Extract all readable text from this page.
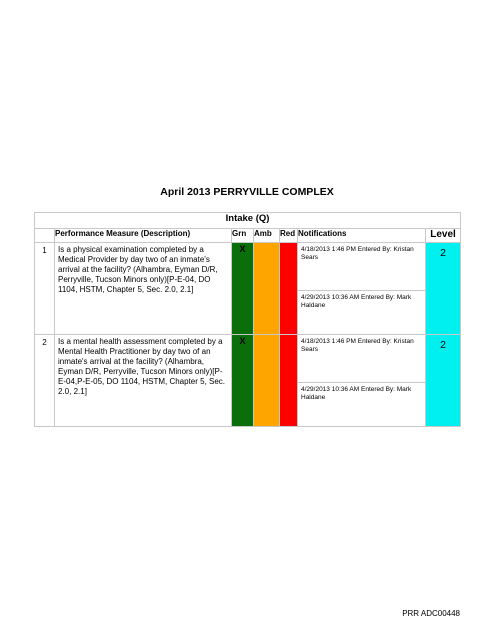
April 2013 PERRYVILLE COMPLEX
Intake (Q)						
	Performance Measure (Description)	Grn	Amb	Red	Notifications	Level
1	Is a physical examination completed by a Medical Provider by day two of an inmate's arrival at the facility? (Alhambra, Eyman D/R, Perryville, Tucson Minors only)[P-E-04, DO 1104, HSTM, Chapter 5, Sec. 2.0, 2.1]	X			4/18/2013 1:46 PM Entered By: Kristan Sears	2
					4/29/2013 10:36 AM Entered By: Mark Haldane	
2	Is a mental health assessment completed by a Mental Health Practitioner by day two of an inmate's arrival at the facility? (Alhambra, Eyman D/R, Perryville, Tucson Minors only)[P-E-04,P-E-05, DO 1104, HSTM, Chapter 5, Sec. 2.0, 2.1]	X			4/18/2013 1:46 PM Entered By: Kristan Sears	2
					4/29/2013 10:36 AM Entered By: Mark Haldane	
PRR ADC00448
